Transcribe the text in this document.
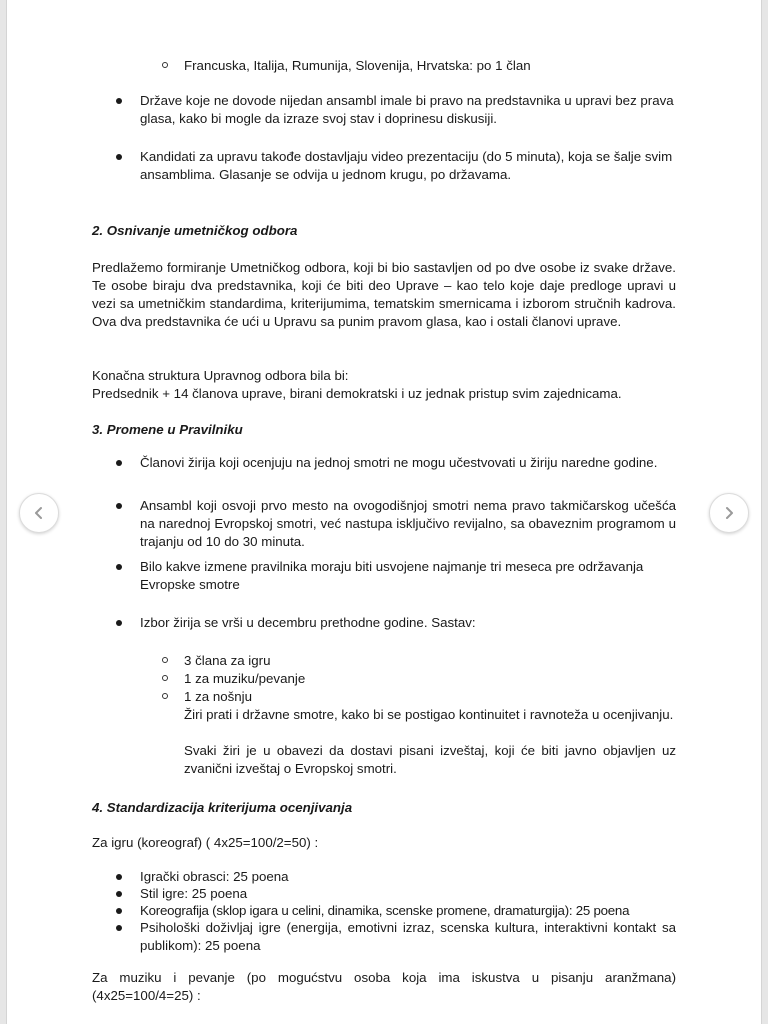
Francuska, Italija, Rumunija, Slovenija, Hrvatska: po 1 član
Države koje ne dovode nijedan ansambl imale bi pravo na predstavnika u upravi bez prava glasa, kako bi mogle da izraze svoj stav i doprinesu diskusiji.
Kandidati za upravu takođe dostavljaju video prezentaciju (do 5 minuta), koja se šalje svim ansamblima. Glasanje se odvija u jednom krugu, po državama.
2. Osnivanje umetničkog odbora
Predlažemo formiranje Umetničkog odbora, koji bi bio sastavljen od po dve osobe iz svake države. Te osobe biraju dva predstavnika, koji će biti deo Uprave – kao telo koje daje predloge upravi u vezi sa umetničkim standardima, kriterijumima, tematskim smernicama i izborom stručnih kadrova. Ova dva predstavnika će ući u Upravu sa punim pravom glasa, kao i ostali članovi uprave.
Konačna struktura Upravnog odbora bila bi:
Predsednik + 14 članova uprave, birani demokratski i uz jednak pristup svim zajednicama.
3. Promene u Pravilniku
Članovi žirija koji ocenjuju na jednoj smotri ne mogu učestvovati u žiriju naredne godine.
Ansambl koji osvoji prvo mesto na ovogodišnjoj smotri nema pravo takmičarskog učešća na narednoj Evropskoj smotri, već nastupa isključivo revijalno, sa obaveznim programom u trajanju od 10 do 30 minuta.
Bilo kakve izmene pravilnika moraju biti usvojene najmanje tri meseca pre održavanja Evropske smotre
Izbor žirija se vrši u decembru prethodne godine. Sastav:
3 člana za igru
1 za muziku/pevanje
1 za nošnju
Žiri prati i državne smotre, kako bi se postigao kontinuitet i ravnoteža u ocenjivanju.
Svaki žiri je u obavezi da dostavi pisani izveštaj, koji će biti javno objavljen uz zvanični izveštaj o Evropskoj smotri.
4. Standardizacija kriterijuma ocenjivanja
Za igru (koreograf) ( 4x25=100/2=50) :
Igrački obrasci: 25 poena
Stil igre: 25 poena
Koreografija (sklop igara u celini, dinamika, scenske promene, dramaturgija): 25 poena
Psihološki doživljaj igre (energija, emotivni izraz, scenska kultura, interaktivni kontakt sa publikom): 25 poena
Za muziku i pevanje (po mogućstvu osoba koja ima iskustva u pisanju aranžmana) (4x25=100/4=25) :
